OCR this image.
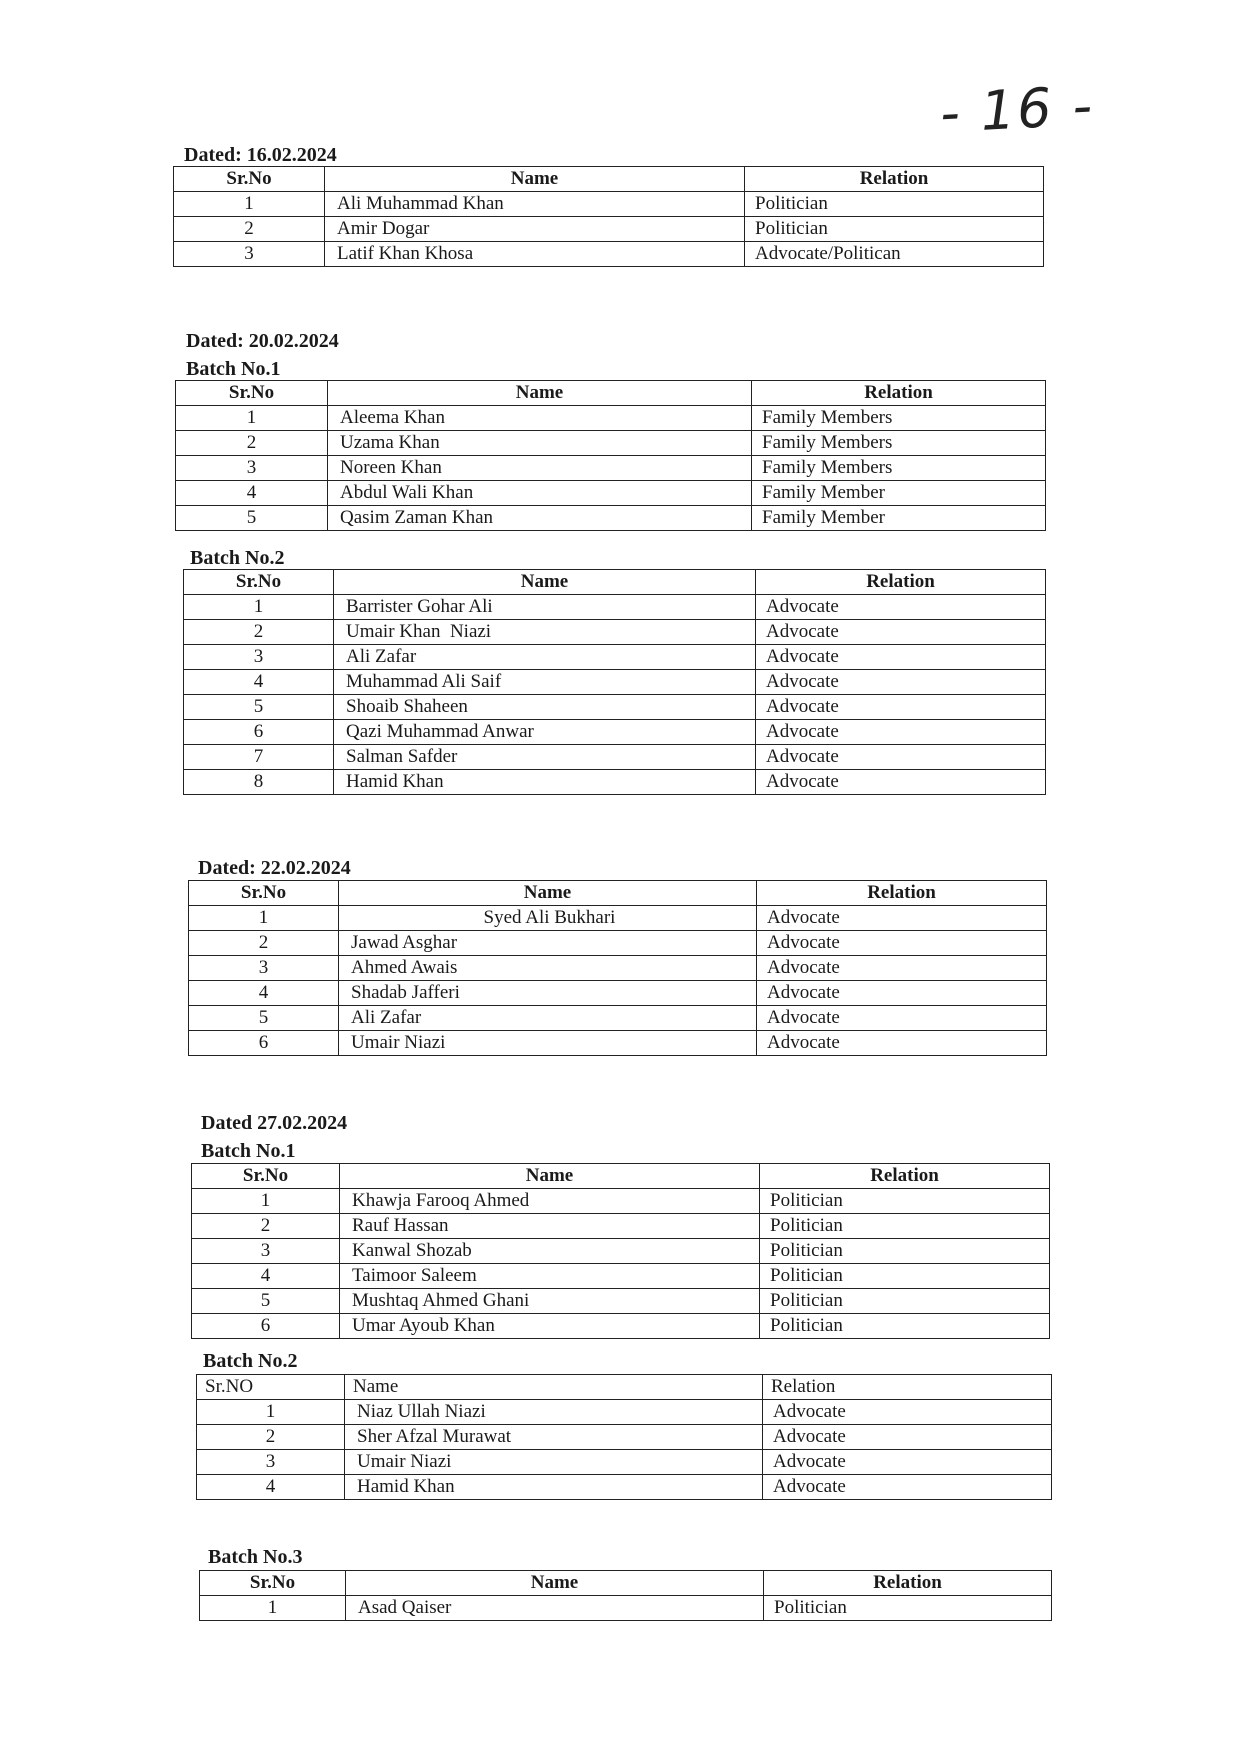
- 16 -
Dated: 16.02.2024
Sr.No	Name	Relation
1	Ali Muhammad Khan	Politician
2	Amir Dogar	Politician
3	Latif Khan Khosa	Advocate/Politican
Dated: 20.02.2024
Batch No.1
Sr.No	Name	Relation
1	Aleema Khan	Family Members
2	Uzama Khan	Family Members
3	Noreen Khan	Family Members
4	Abdul Wali Khan	Family Member
5	Qasim Zaman Khan	Family Member
Batch No.2
Sr.No	Name	Relation
1	Barrister Gohar Ali	Advocate
2	Umair Khan  Niazi	Advocate
3	Ali Zafar	Advocate
4	Muhammad Ali Saif	Advocate
5	Shoaib Shaheen	Advocate
6	Qazi Muhammad Anwar	Advocate
7	Salman Safder	Advocate
8	Hamid Khan	Advocate
Dated: 22.02.2024
Sr.No	Name	Relation
1	Syed Ali Bukhari	Advocate
2	Jawad Asghar	Advocate
3	Ahmed Awais	Advocate
4	Shadab Jafferi	Advocate
5	Ali Zafar	Advocate
6	Umair Niazi	Advocate
Dated 27.02.2024
Batch No.1
Sr.No	Name	Relation
1	Khawja Farooq Ahmed	Politician
2	Rauf Hassan	Politician
3	Kanwal Shozab	Politician
4	Taimoor Saleem	Politician
5	Mushtaq Ahmed Ghani	Politician
6	Umar Ayoub Khan	Politician
Batch No.2
Sr.NO	Name	Relation
1	Niaz Ullah Niazi	Advocate
2	Sher Afzal Murawat	Advocate
3	Umair Niazi	Advocate
4	Hamid Khan	Advocate
Batch No.3
Sr.No	Name	Relation
1	Asad Qaiser	Politician
